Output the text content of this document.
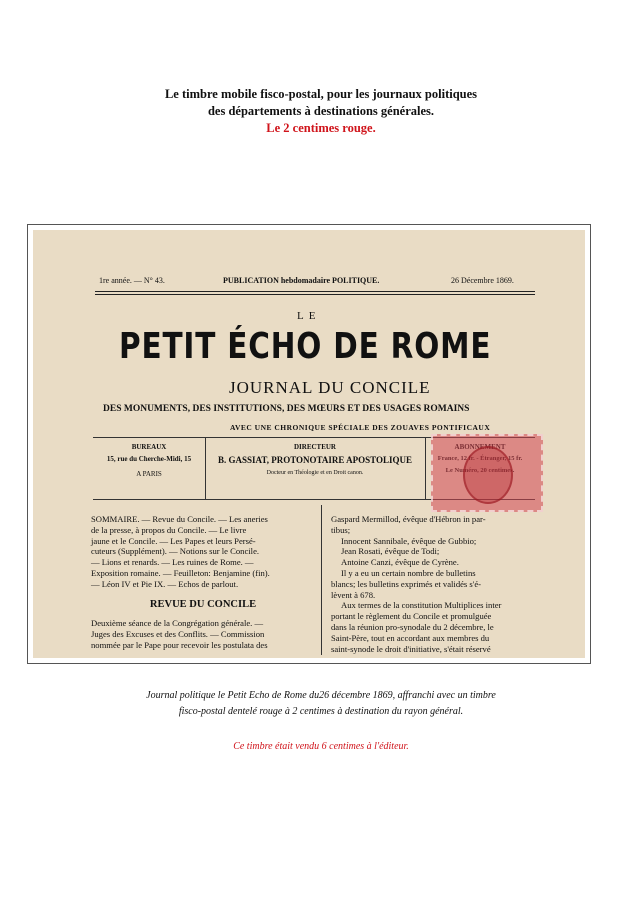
Le timbre mobile fisco-postal, pour les journaux politiques
des départements à destinations générales.
Le 2 centimes rouge.
1re année. — N° 43.	PUBLICATION hebdomadaire POLITIQUE.	26 Décembre 1869.
LE
PETIT ÉCHO DE ROME
JOURNAL DU CONCILE
DES MONUMENTS, DES INSTITUTIONS, DES MŒURS ET DES USAGES ROMAINS
AVEC UNE CHRONIQUE SPÉCIALE DES ZOUAVES PONTIFICAUX
BUREAUX
15, rue du Cherche-Midi, 15
A PARIS
DIRECTEUR
B. GASSIAT, PROTONOTAIRE APOSTOLIQUE
Docteur en Théologie et en Droit canon.
SOMMAIRE. — Revue du Concile. — Les aneries
de la presse, à propos du Concile. — Le livre
jaune et le Concile. — Les Papes et leurs Persé-
cuteurs (Supplément). — Notions sur le Concile.
— Lions et renards. — Les ruines de Rome. —
Exposition romaine. — Feuilleton: Benjamine (fin).
— Léon IV et Pie IX. — Echos de parlout.
REVUE DU CONCILE
Deuxième séance de la Congrégation générale. —
Juges des Excuses et des Conflits. — Commission
nommée par le Pape pour recevoir les postulata des
Gaspard Mermillod, évêque d'Hébron in par-
tibus;
Innocent Sannibale, évêque de Gubbio;
Jean Rosati, évêque de Todi;
Antoine Canzi, évêque de Cyrène.
Il y a eu un certain nombre de bulletins
blancs; les bulletins exprimés et validés s'é-
lèvent à 678.
Aux termes de la constitution Multiplices inter
portant le règlement du Concile et promulguée
dans la réunion pro-synodale du 2 décembre, le
Saint-Père, tout en accordant aux membres du
saint-synode le droit d'initiative, s'était réservé
Journal politique le Petit Echo de Rome du26 décembre 1869, affranchi avec un timbre
fisco-postal dentelé rouge à 2 centimes à destination du rayon général.
Ce timbre était vendu 6 centimes à l'éditeur.
